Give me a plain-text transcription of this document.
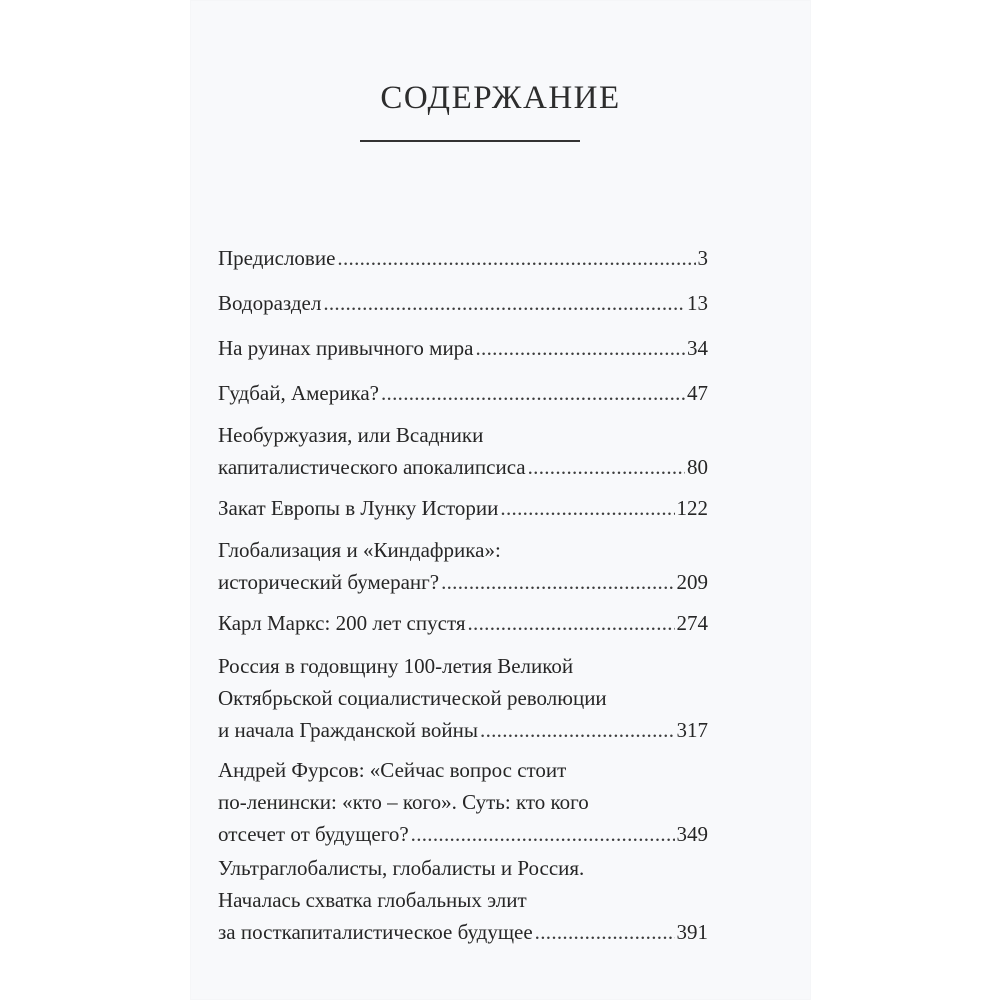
СОДЕРЖАНИЕ
Предисловие .....	3
Водораздел .....	13
На руинах привычного мира .....	34
Гудбай, Америка? .....	47
Необуржуазия, или Всадники
капиталистического апокалипсиса .....	80
Закат Европы в Лунку Истории .....	122
Глобализация и «Киндафрика»:
исторический бумеранг? .....	209
Карл Маркс: 200 лет спустя .....	274
Россия в годовщину 100-летия Великой
Октябрьской социалистической революции
и начала Гражданской войны .....	317
Андрей Фурсов: «Сейчас вопрос стоит
по-ленински: «кто – кого». Суть: кто кого
отсечет от будущего? .....	349
Ультраглобалисты, глобалисты и Россия.
Началась схватка глобальных элит
за посткапиталистическое будущее .....	391
